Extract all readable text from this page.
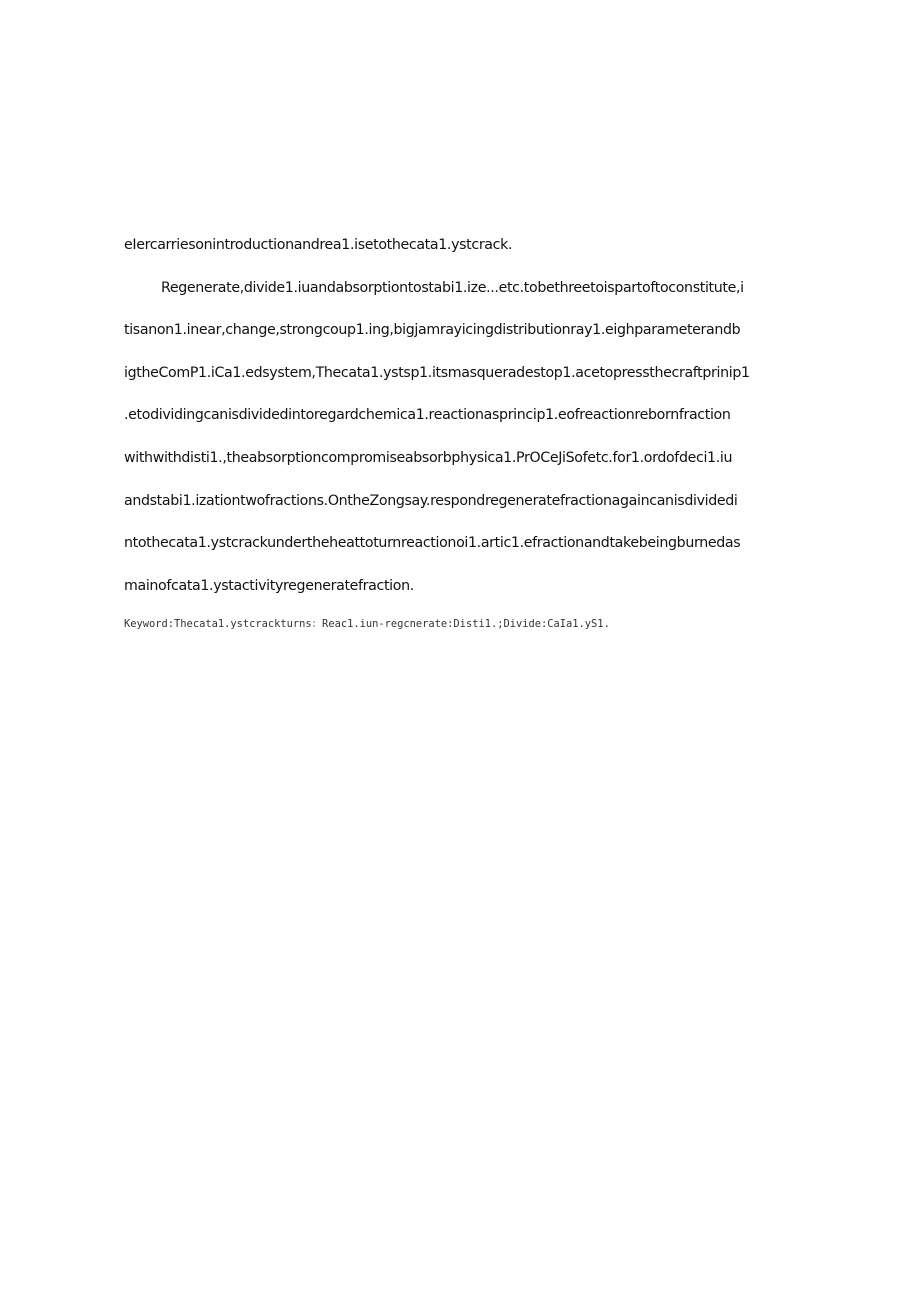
eIercarriesonintroductionandrea1.isetothecata1.ystcrack.
Regenerate,divide1.iuandabsorptiontostabi1.ize...etc.tobethreetoispartoftoconstitute,i
tisanon1.inear,change,strongcoup1.ing,bigjamrayicingdistributionray1.eighparameterandb
igtheComP1.iCa1.edsystem,Thecata1.ystsp1.itsmasqueradestop1.acetopressthecraftprinip1
.etodividingcanisdividedintoregardchemica1.reactionasprincip1.eofreactionrebornfraction
withwithdisti1.,theabsorptioncompromiseabsorbphysica1.PrOCeJiSofetc.for1.ordofdeci1.iu
andstabi1.izationtwofractions.OntheZongsay.respondregeneratefractionagaincanisdividedi
ntothecata1.ystcrackundertheheattoturnreactionoi1.artic1.efractionandtakebeingburnedas
mainofcata1.ystactivityregeneratefraction.
Keyword:Thecata1.ystcrackturns：Reac1.iun-regcnerate:Disti1.;Divide:CaIa1.yS1.
